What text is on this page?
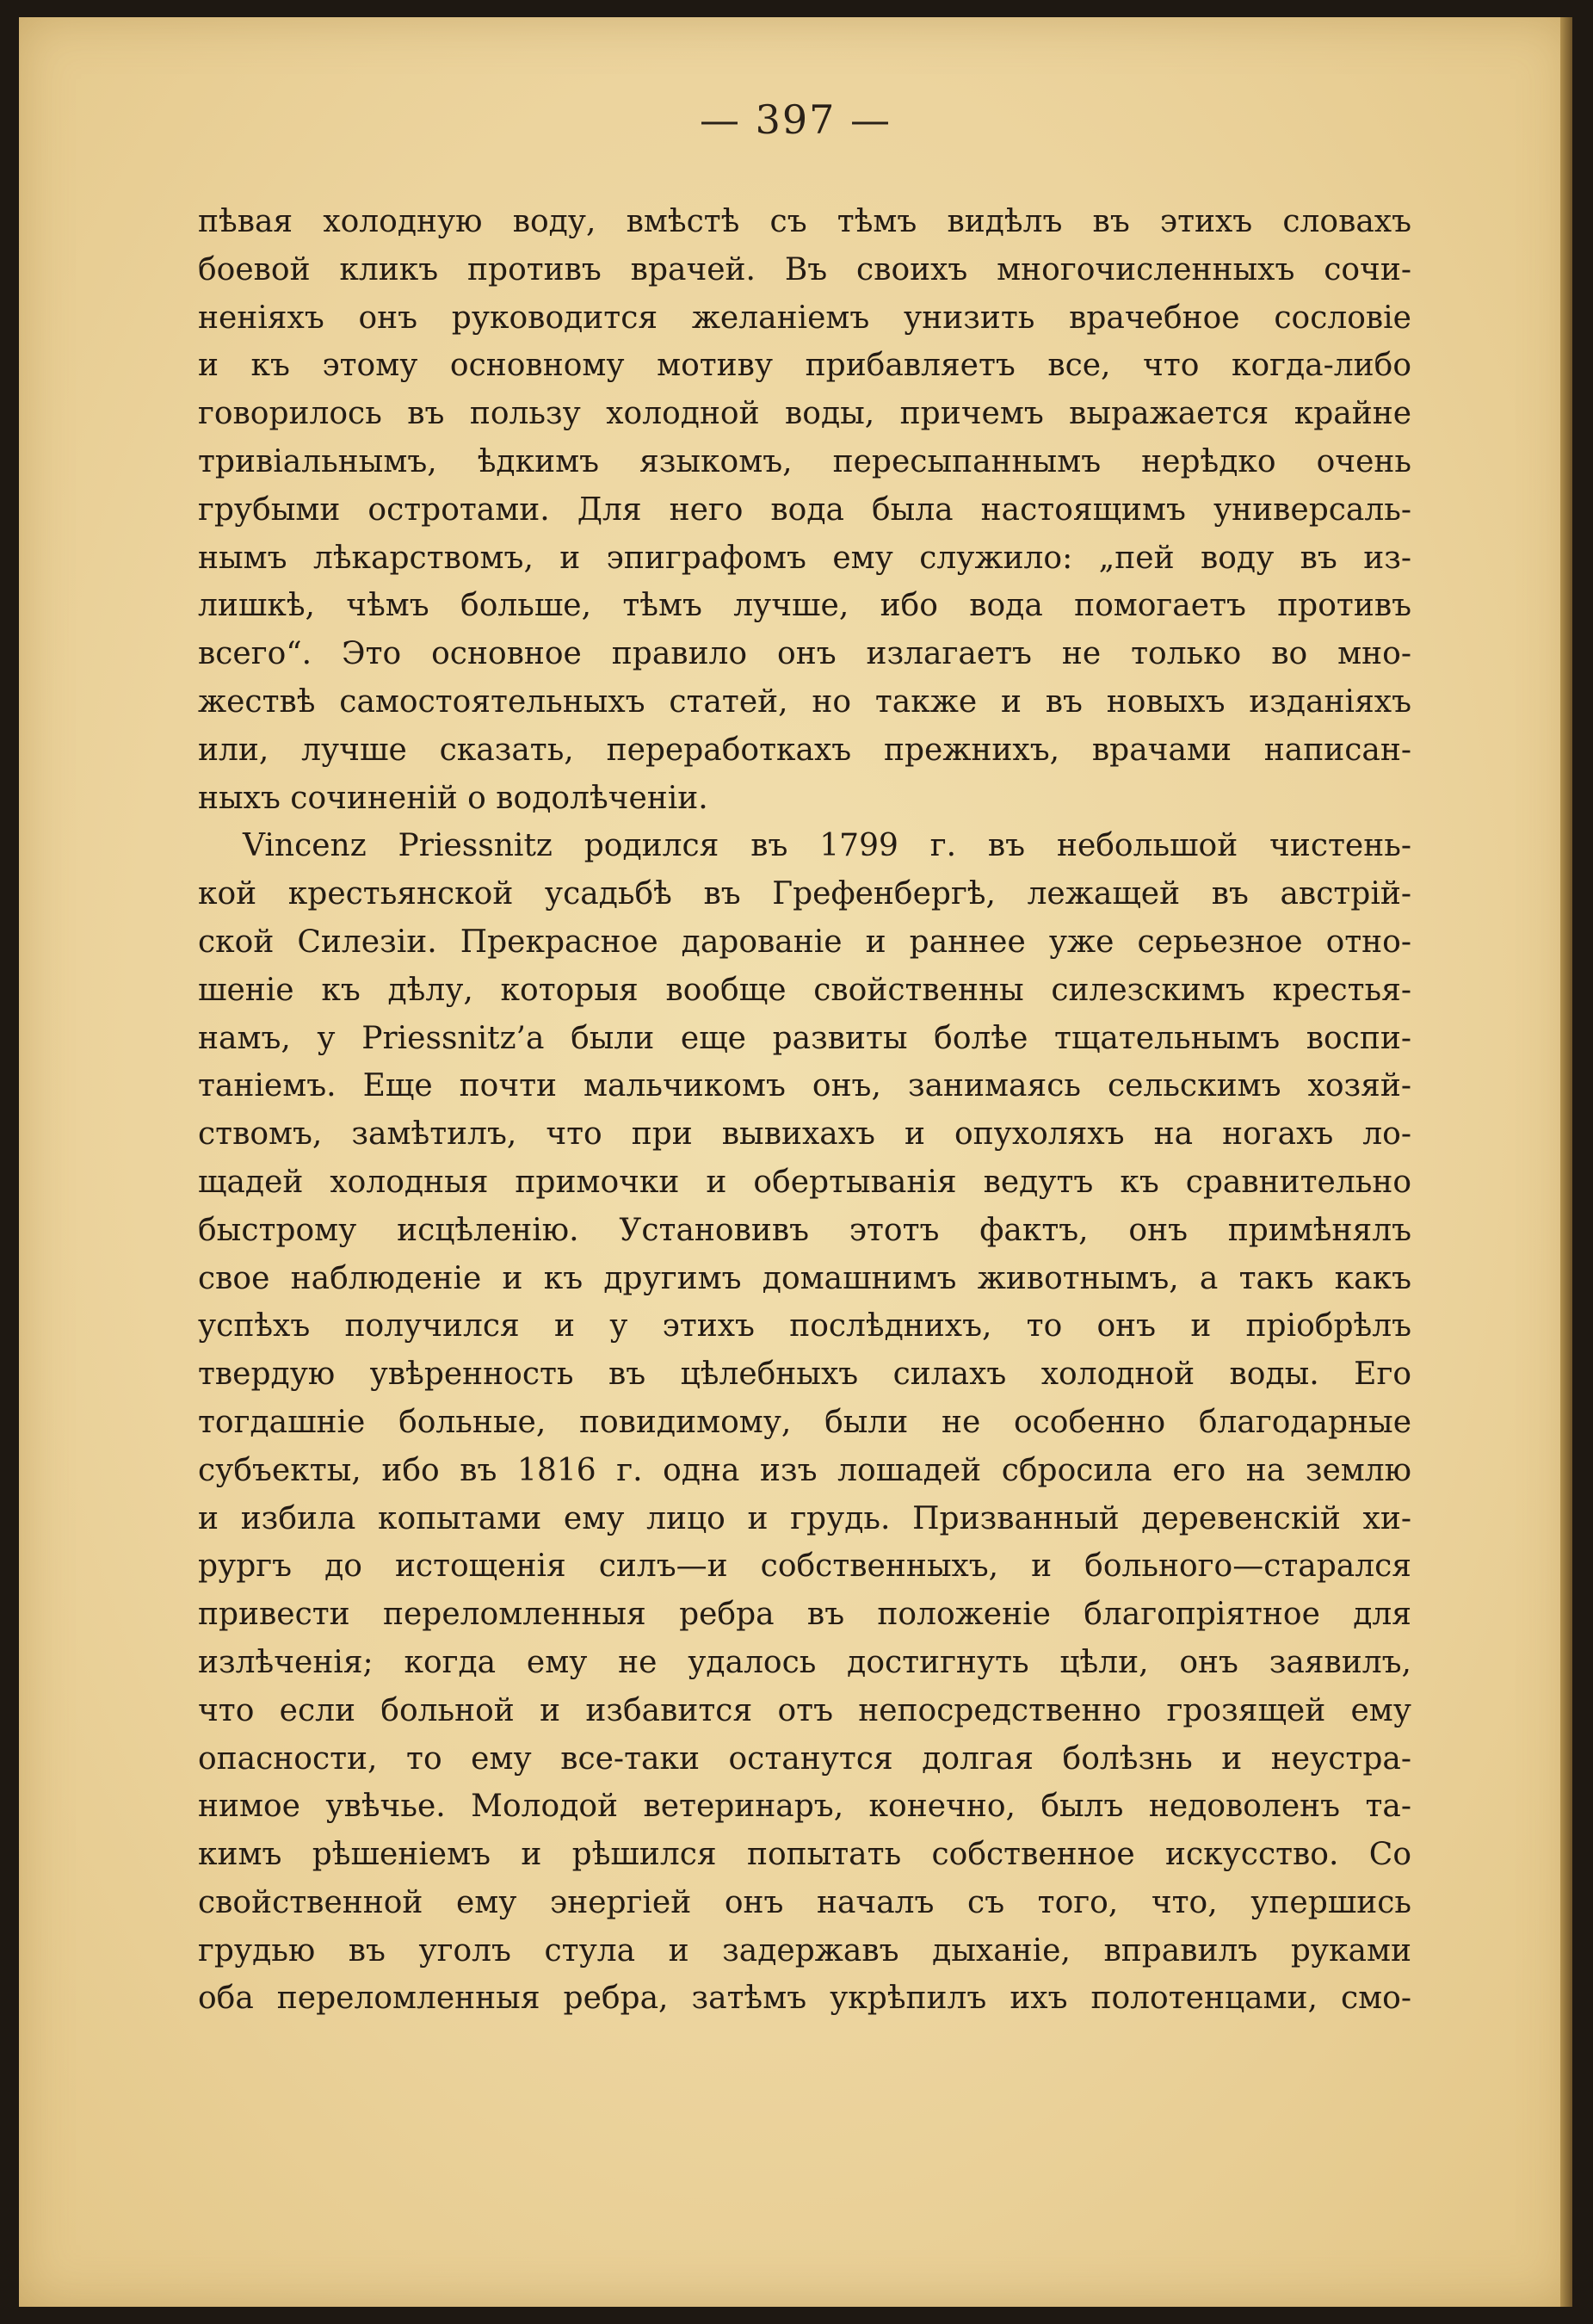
— 397 —
пѣвая холодную воду, вмѣстѣ съ тѣмъ видѣлъ въ этихъ словахъ
боевой кликъ противъ врачей. Въ своихъ многочисленныхъ сочи-
неніяхъ онъ руководится желаніемъ унизить врачебное сословіе
и къ этому основному мотиву прибавляетъ все, что когда-либо
говорилось въ пользу холодной воды, причемъ выражается крайне
тривіальнымъ, ѣдкимъ языкомъ, пересыпаннымъ нерѣдко очень
грубыми остротами. Для него вода была настоящимъ универсаль-
нымъ лѣкарствомъ, и эпиграфомъ ему служило: „пей воду въ из-
лишкѣ, чѣмъ больше, тѣмъ лучше, ибо вода помогаетъ противъ
всего“. Это основное правило онъ излагаетъ не только во мно-
жествѣ самостоятельныхъ статей, но также и въ новыхъ изданіяхъ
или, лучше сказать, переработкахъ прежнихъ, врачами написан-
ныхъ сочиненій о водолѣченіи.
Vincenz Priessnitz родился въ 1799 г. въ небольшой чистень-
кой крестьянской усадьбѣ въ Грефенбергѣ, лежащей въ австрій-
ской Силезіи. Прекрасное дарованіе и раннее уже серьезное отно-
шеніе къ дѣлу, которыя вообще свойственны силезскимъ крестья-
намъ, у Priessnitz’а были еще развиты болѣе тщательнымъ воспи-
таніемъ. Еще почти мальчикомъ онъ, занимаясь сельскимъ хозяй-
ствомъ, замѣтилъ, что при вывихахъ и опухоляхъ на ногахъ ло-
щадей холодныя примочки и обертыванія ведутъ къ сравнительно
быстрому исцѣленію. Установивъ этотъ фактъ, онъ примѣнялъ
свое наблюденіе и къ другимъ домашнимъ животнымъ, а такъ какъ
успѣхъ получился и у этихъ послѣднихъ, то онъ и пріобрѣлъ
твердую увѣренность въ цѣлебныхъ силахъ холодной воды. Его
тогдашніе больные, повидимому, были не особенно благодарные
субъекты, ибо въ 1816 г. одна изъ лошадей сбросила его на землю
и избила копытами ему лицо и грудь. Призванный деревенскій хи-
рургъ до истощенія силъ—и собственныхъ, и больного—старался
привести переломленныя ребра въ положеніе благопріятное для
излѣченія; когда ему не удалось достигнуть цѣли, онъ заявилъ,
что если больной и избавится отъ непосредственно грозящей ему
опасности, то ему все-таки останутся долгая болѣзнь и неустра-
нимое увѣчье. Молодой ветеринаръ, конечно, былъ недоволенъ та-
кимъ рѣшеніемъ и рѣшился попытать собственное искусство. Со
свойственной ему энергіей онъ началъ съ того, что, упершись
грудью въ уголъ стула и задержавъ дыханіе, вправилъ руками
оба переломленныя ребра, затѣмъ укрѣпилъ ихъ полотенцами, смо-
